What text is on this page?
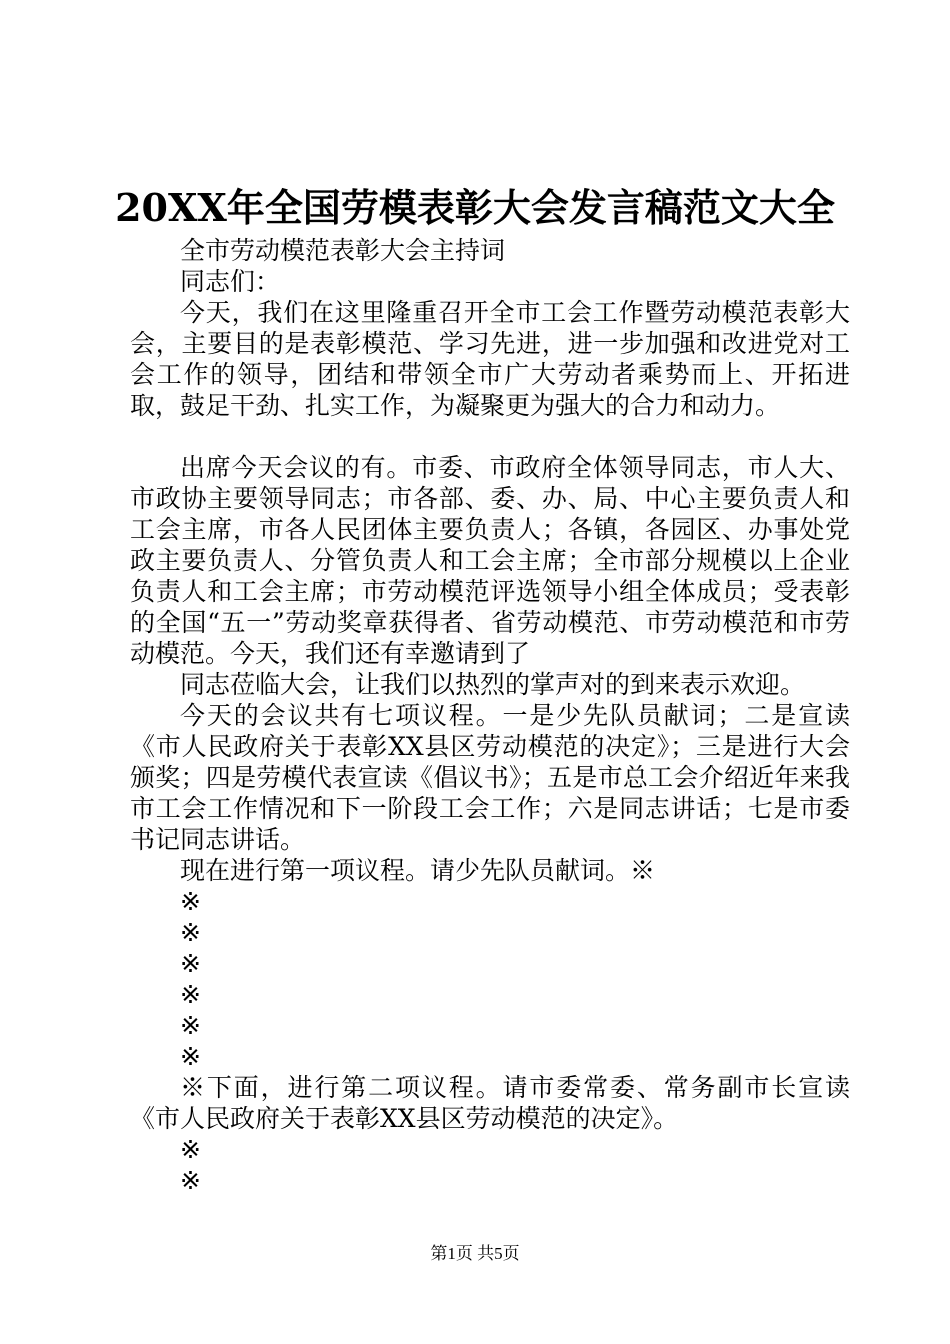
20XX年全国劳模表彰大会发言稿范文大全

全市劳动模范表彰大会主持词

同志们：

今天，我们在这里隆重召开全市工会工作暨劳动模范表彰大会，主要目的是表彰模范、学习先进，进一步加强和改进党对工会工作的领导，团结和带领全市广大劳动者乘势而上、开拓进取，鼓足干劲、扎实工作，为凝聚更为强大的合力和动力。

出席今天会议的有。市委、市政府全体领导同志，市人大、市政协主要领导同志；市各部、委、办、局、中心主要负责人和工会主席，市各人民团体主要负责人；各镇，各园区、办事处党政主要负责人、分管负责人和工会主席；全市部分规模以上企业负责人和工会主席；市劳动模范评选领导小组全体成员；受表彰的全国“五一”劳动奖章获得者、省劳动模范、市劳动模范和市劳动模范。今天，我们还有幸邀请到了

同志莅临大会，让我们以热烈的掌声对的到来表示欢迎。

今天的会议共有七项议程。一是少先队员献词；二是宣读《市人民政府关于表彰XX县区劳动模范的决定》；三是进行大会颁奖；四是劳模代表宣读《倡议书》；五是市总工会介绍近年来我市工会工作情况和下一阶段工会工作；六是同志讲话；七是市委书记同志讲话。

现在进行第一项议程。请少先队员献词。※

※

※

※

※

※

※

※下面，进行第二项议程。请市委常委、常务副市长宣读《市人民政府关于表彰XX县区劳动模范的决定》。

※

※

第1页 共5页
